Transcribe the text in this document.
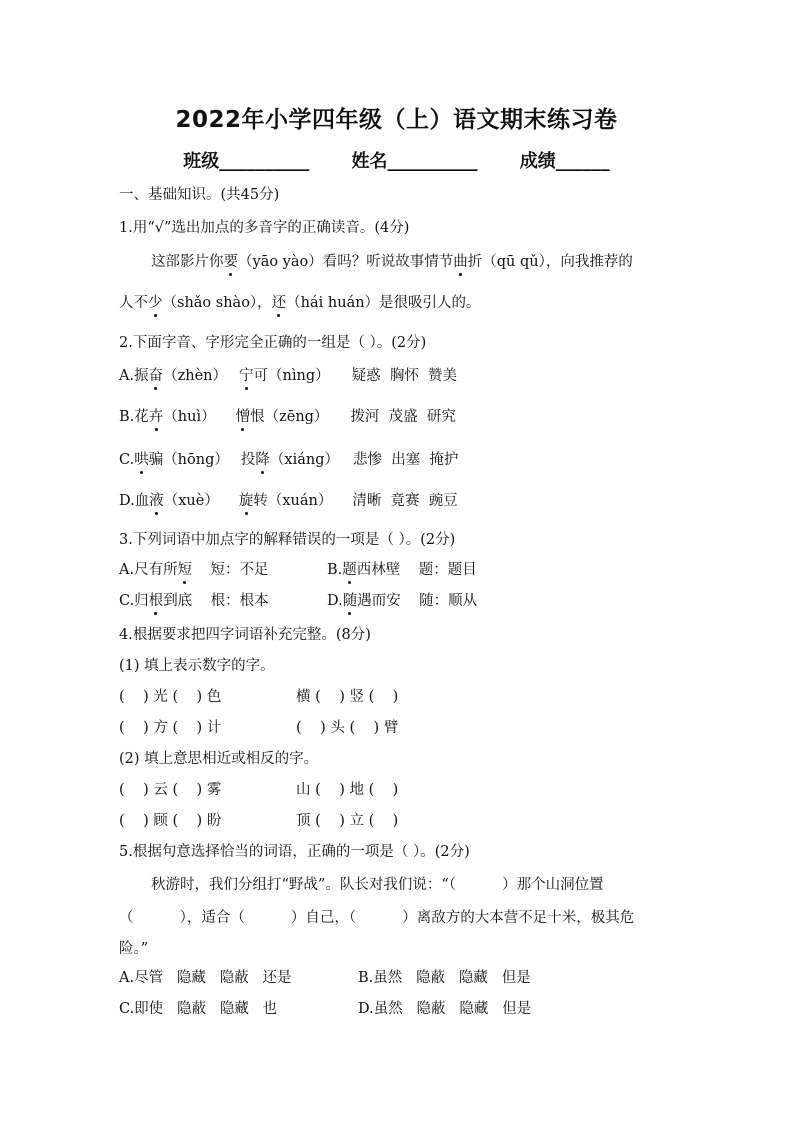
2022年小学四年级（上）语文期末练习卷
班级__________ 姓名__________ 成绩______
一、基础知识。(共45分)
1.用“√”选出加点的多音字的正确读音。(4分)
这部影片你要（yāo yào）看吗？听说故事情节曲折（qū qǔ），向我推荐的
人不少（shǎo shào），还（hái huán）是很吸引人的。
2.下面字音、字形完全正确的一组是（ ）。(2分)
A.振奋（zhèn） 宁可（nìng） 疑惑  胸怀  赞美
B.花卉（huì） 憎恨（zēng） 拨河  茂盛  研究
C.哄骗（hōng） 投降（xiáng） 悲惨  出塞  掩护
D.血液（xuè） 旋转（xuán） 清晰  竟赛  豌豆
3.下列词语中加点字的解释错误的一项是（ ）。(2分)
A.尺有所短    短：不足	B.题西林壁    题：题目
C.归根到底    根：根本	D.随遇而安    随：顺从
4.根据要求把四字词语补充完整。(8分)
(1) 填上表示数字的字。
(    ) 光 (    ) 色	横 (    ) 竖 (    )
(    ) 方 (    ) 计	(    ) 头 (    ) 臂
(2) 填上意思相近或相反的字。
(    ) 云 (    ) 雾	山 (    ) 地 (    )
(    ) 顾 (    ) 盼	顶 (    ) 立 (    )
5.根据句意选择恰当的词语，正确的一项是（ ）。(2分)
秋游时，我们分组打“野战”。队长对我们说：“（          ）那个山洞位置
（          ），适合（          ）自己，（          ）离敌方的大本营不足十米，极其危
险。”
A.尽管   隐藏   隐蔽   还是	B.虽然   隐蔽   隐藏   但是
C.即使   隐蔽   隐藏   也	D.虽然   隐蔽   隐藏   但是
